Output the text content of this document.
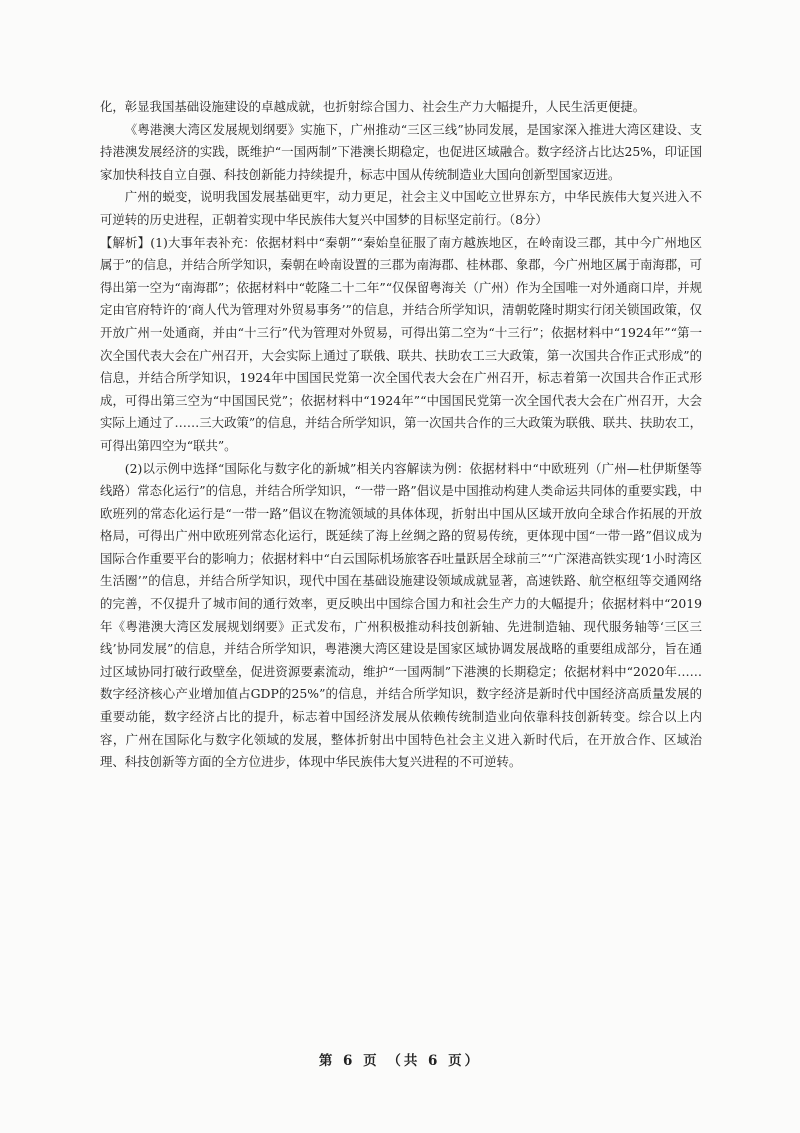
化，彰显我国基础设施建设的卓越成就，也折射综合国力、社会生产力大幅提升，人民生活更便捷。

《粤港澳大湾区发展规划纲要》实施下，广州推动“三区三线”协同发展，是国家深入推进大湾区建设、支持港澳发展经济的实践，既维护“一国两制”下港澳长期稳定，也促进区域融合。数字经济占比达25%，印证国家加快科技自立自强、科技创新能力持续提升，标志中国从传统制造业大国向创新型国家迈进。

广州的蜕变，说明我国发展基础更牢，动力更足，社会主义中国屹立世界东方，中华民族伟大复兴进入不可逆转的历史进程，正朝着实现中华民族伟大复兴中国梦的目标坚定前行。（8分）

【解析】(1)大事年表补充：依据材料中“秦朝”“秦始皇征服了南方越族地区，在岭南设三郡，其中今广州地区属于”的信息，并结合所学知识，秦朝在岭南设置的三郡为南海郡、桂林郡、象郡，今广州地区属于南海郡，可得出第一空为“南海郡”；依据材料中“乾隆二十二年”“仅保留粤海关（广州）作为全国唯一对外通商口岸，并规定由官府特许的‘商人代为管理对外贸易事务’”的信息，并结合所学知识，清朝乾隆时期实行闭关锁国政策，仅开放广州一处通商，并由“十三行”代为管理对外贸易，可得出第二空为“十三行”；依据材料中“1924年”“第一次全国代表大会在广州召开，大会实际上通过了联俄、联共、扶助农工三大政策，第一次国共合作正式形成”的信息，并结合所学知识，1924年中国国民党第一次全国代表大会在广州召开，标志着第一次国共合作正式形成，可得出第三空为“中国国民党”；依据材料中“1924年”“中国国民党第一次全国代表大会在广州召开，大会实际上通过了……三大政策”的信息，并结合所学知识，第一次国共合作的三大政策为联俄、联共、扶助农工，可得出第四空为“联共”。

(2)以示例中选择“国际化与数字化的新城”相关内容解读为例：依据材料中“中欧班列（广州—杜伊斯堡等线路）常态化运行”的信息，并结合所学知识，“一带一路”倡议是中国推动构建人类命运共同体的重要实践，中欧班列的常态化运行是“一带一路”倡议在物流领域的具体体现，折射出中国从区域开放向全球合作拓展的开放格局，可得出广州中欧班列常态化运行，既延续了海上丝绸之路的贸易传统，更体现中国“一带一路”倡议成为国际合作重要平台的影响力；依据材料中“白云国际机场旅客吞吐量跃居全球前三”“广深港高铁实现‘1小时湾区生活圈’”的信息，并结合所学知识，现代中国在基础设施建设领域成就显著，高速铁路、航空枢纽等交通网络的完善，不仅提升了城市间的通行效率，更反映出中国综合国力和社会生产力的大幅提升；依据材料中“2019年《粤港澳大湾区发展规划纲要》正式发布，广州积极推动科技创新轴、先进制造轴、现代服务轴等‘三区三线’协同发展”的信息，并结合所学知识，粤港澳大湾区建设是国家区域协调发展战略的重要组成部分，旨在通过区域协同打破行政壁垒，促进资源要素流动，维护“一国两制”下港澳的长期稳定；依据材料中“2020年……数字经济核心产业增加值占GDP的25%”的信息，并结合所学知识，数字经济是新时代中国经济高质量发展的重要动能，数字经济占比的提升，标志着中国经济发展从依赖传统制造业向依靠科技创新转变。综合以上内容，广州在国际化与数字化领域的发展，整体折射出中国特色社会主义进入新时代后，在开放合作、区域治理、科技创新等方面的全方位进步，体现中华民族伟大复兴进程的不可逆转。

第 6 页 （共 6 页）
